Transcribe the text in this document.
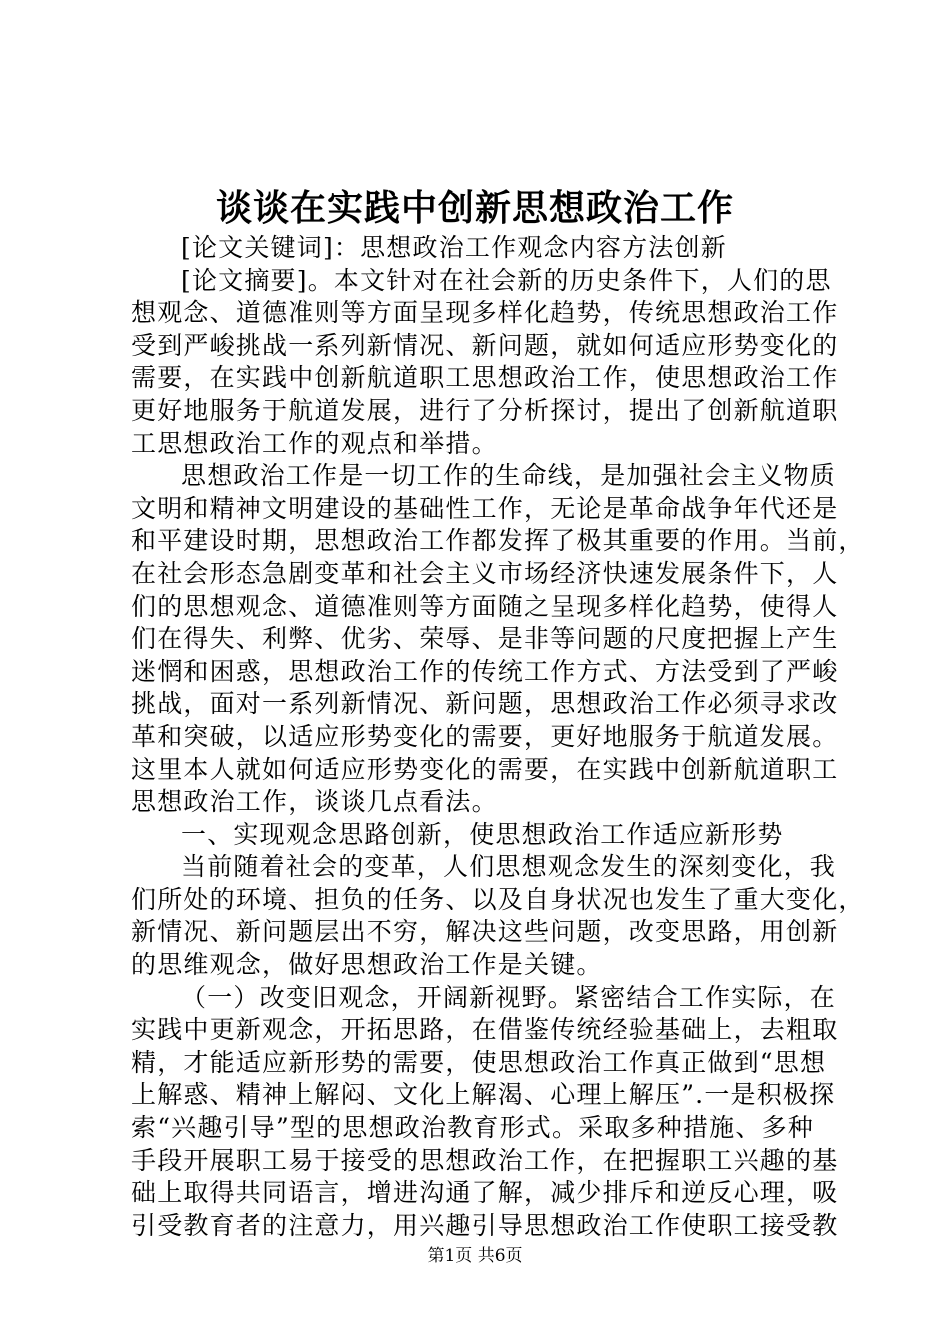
谈谈在实践中创新思想政治工作
[论文关键词]：思想政治工作观念内容方法创新
[论文摘要]。本文针对在社会新的历史条件下，人们的思
想观念、道德准则等方面呈现多样化趋势，传统思想政治工作
受到严峻挑战一系列新情况、新问题，就如何适应形势变化的
需要，在实践中创新航道职工思想政治工作，使思想政治工作
更好地服务于航道发展，进行了分析探讨，提出了创新航道职
工思想政治工作的观点和举措。
思想政治工作是一切工作的生命线，是加强社会主义物质
文明和精神文明建设的基础性工作，无论是革命战争年代还是
和平建设时期，思想政治工作都发挥了极其重要的作用。当前，
在社会形态急剧变革和社会主义市场经济快速发展条件下，人
们的思想观念、道德准则等方面随之呈现多样化趋势，使得人
们在得失、利弊、优劣、荣辱、是非等问题的尺度把握上产生
迷惘和困惑，思想政治工作的传统工作方式、方法受到了严峻
挑战，面对一系列新情况、新问题，思想政治工作必须寻求改
革和突破，以适应形势变化的需要，更好地服务于航道发展。
这里本人就如何适应形势变化的需要，在实践中创新航道职工
思想政治工作，谈谈几点看法。
一、实现观念思路创新，使思想政治工作适应新形势
当前随着社会的变革，人们思想观念发生的深刻变化，我
们所处的环境、担负的任务、以及自身状况也发生了重大变化，
新情况、新问题层出不穷，解决这些问题，改变思路，用创新
的思维观念，做好思想政治工作是关键。
（一）改变旧观念，开阔新视野。紧密结合工作实际，在
实践中更新观念，开拓思路，在借鉴传统经验基础上，去粗取
精，才能适应新形势的需要，使思想政治工作真正做到“思想
上解惑、精神上解闷、文化上解渴、心理上解压”.一是积极探
索“兴趣引导”型的思想政治教育形式。采取多种措施、多种
手段开展职工易于接受的思想政治工作，在把握职工兴趣的基
础上取得共同语言，增进沟通了解，减少排斥和逆反心理，吸
引受教育者的注意力，用兴趣引导思想政治工作使职工接受教
第1页 共6页
